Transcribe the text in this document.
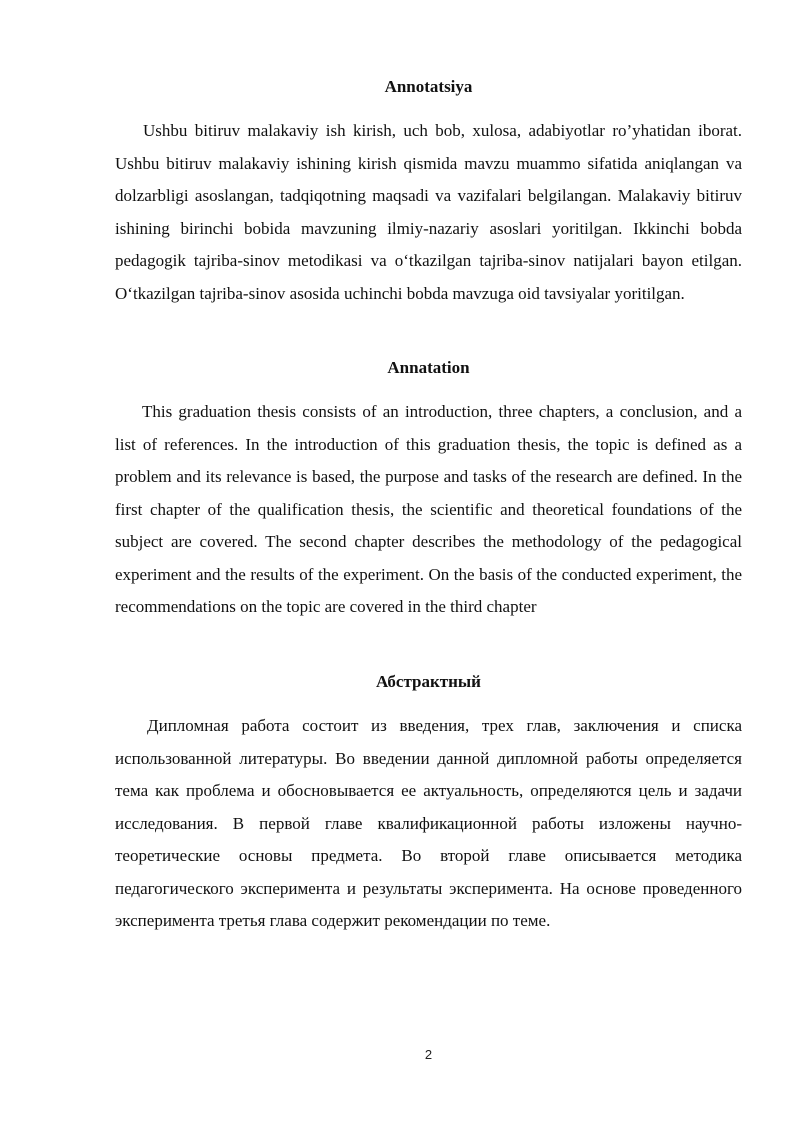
Annotatsiya

Ushbu bitiruv malakaviy ish kirish, uch bob, xulosa, adabiyotlar ro’yhatidan iborat. Ushbu bitiruv malakaviy ishining kirish qismida mavzu muammo sifatida aniqlangan va dolzarbligi asoslangan, tadqiqotning maqsadi va vazifalari belgilangan. Malakaviy bitiruv ishining birinchi bobida mavzuning ilmiy-nazariy asoslari yoritilgan. Ikkinchi bobda pedagogik tajriba-sinov metodikasi va o‘tkazilgan tajriba-sinov natijalari bayon etilgan. O‘tkazilgan tajriba-sinov asosida uchinchi bobda mavzuga oid tavsiyalar yoritilgan.

Annatation

This graduation thesis consists of an introduction, three chapters, a conclusion, and a list of references. In the introduction of this graduation thesis, the topic is defined as a problem and its relevance is based, the purpose and tasks of the research are defined. In the first chapter of the qualification thesis, the scientific and theoretical foundations of the subject are covered. The second chapter describes the methodology of the pedagogical experiment and the results of the experiment. On the basis of the conducted experiment, the recommendations on the topic are covered in the third chapter

Абстрактный

Дипломная работа состоит из введения, трех глав, заключения и списка использованной литературы. Во введении данной дипломной работы определяется тема как проблема и обосновывается ее актуальность, определяются цель и задачи исследования. В первой главе квалификационной работы изложены научно-теоретические основы предмета. Во второй главе описывается методика педагогического эксперимента и результаты эксперимента. На основе проведенного эксперимента третья глава содержит рекомендации по теме.

2
